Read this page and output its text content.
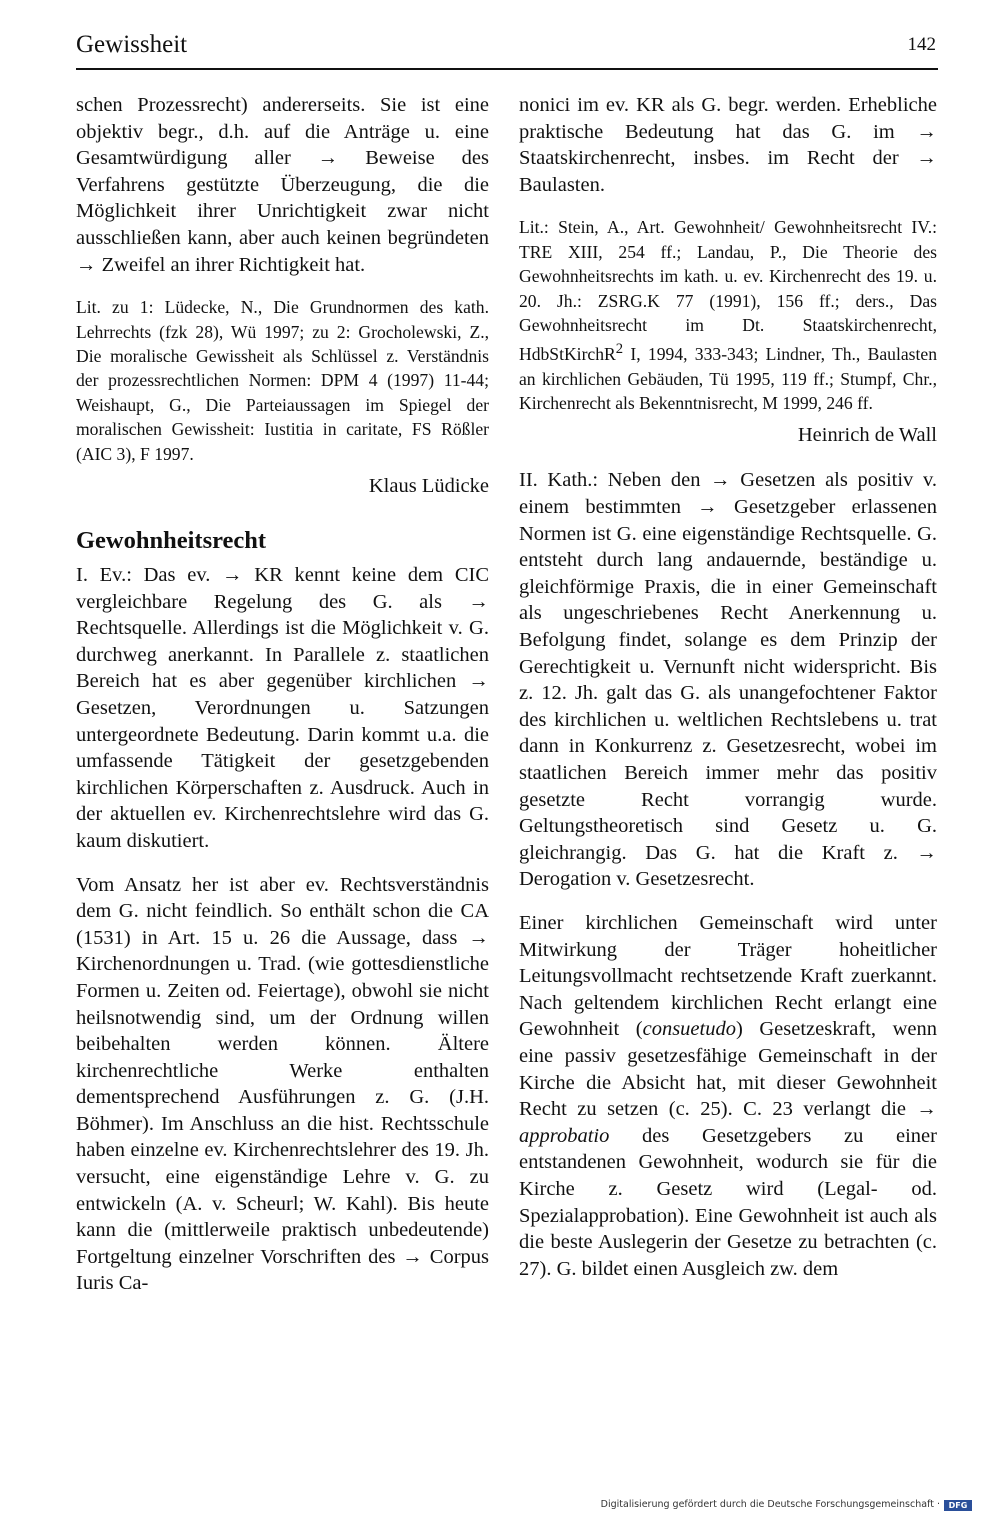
Gewissheit	142

schen Prozessrecht) andererseits. Sie ist eine objektiv begr., d.h. auf die Anträge u. eine Gesamtwürdigung aller → Beweise des Verfahrens gestützte Überzeugung, die die Möglichkeit ihrer Unrichtigkeit zwar nicht ausschließen kann, aber auch keinen begründeten → Zweifel an ihrer Richtigkeit hat.

Lit. zu 1: Lüdecke, N., Die Grundnormen des kath. Lehrrechts (fzk 28), Wü 1997; zu 2: Grocholewski, Z., Die moralische Gewissheit als Schlüssel z. Verständnis der prozessrechtlichen Normen: DPM 4 (1997) 11-44; Weishaupt, G., Die Parteiaussagen im Spiegel der moralischen Gewissheit: Iustitia in caritate, FS Rößler (AIC 3), F 1997.

Klaus Lüdicke

Gewohnheitsrecht

I. Ev.: Das ev. → KR kennt keine dem CIC vergleichbare Regelung des G. als → Rechtsquelle. Allerdings ist die Möglichkeit v. G. durchweg anerkannt. In Parallele z. staatlichen Bereich hat es aber gegenüber kirchlichen → Gesetzen, Verordnungen u. Satzungen untergeordnete Bedeutung. Darin kommt u.a. die umfassende Tätigkeit der gesetzgebenden kirchlichen Körperschaften z. Ausdruck. Auch in der aktuellen ev. Kirchenrechtslehre wird das G. kaum diskutiert.

Vom Ansatz her ist aber ev. Rechtsverständnis dem G. nicht feindlich. So enthält schon die CA (1531) in Art. 15 u. 26 die Aussage, dass → Kirchenordnungen u. Trad. (wie gottesdienstliche Formen u. Zeiten od. Feiertage), obwohl sie nicht heilsnotwendig sind, um der Ordnung willen beibehalten werden können. Ältere kirchenrechtliche Werke enthalten dementsprechend Ausführungen z. G. (J.H. Böhmer). Im Anschluss an die hist. Rechtsschule haben einzelne ev. Kirchenrechtslehrer des 19. Jh. versucht, eine eigenständige Lehre v. G. zu entwickeln (A. v. Scheurl; W. Kahl). Bis heute kann die (mittlerweile praktisch unbedeutende) Fortgeltung einzelner Vorschriften des → Corpus Iuris Ca-

nonici im ev. KR als G. begr. werden. Erhebliche praktische Bedeutung hat das G. im → Staatskirchenrecht, insbes. im Recht der → Baulasten.

Lit.: Stein, A., Art. Gewohnheit/ Gewohnheitsrecht IV.: TRE XIII, 254 ff.; Landau, P., Die Theorie des Gewohnheitsrechts im kath. u. ev. Kirchenrecht des 19. u. 20. Jh.: ZSRG.K 77 (1991), 156 ff.; ders., Das Gewohnheitsrecht im Dt. Staatskirchenrecht, HdbStKirchR$^2$ I, 1994, 333-343; Lindner, Th., Baulasten an kirchlichen Gebäuden, Tü 1995, 119 ff.; Stumpf, Chr., Kirchenrecht als Bekenntnisrecht, M 1999, 246 ff.

Heinrich de Wall

II. Kath.: Neben den → Gesetzen als positiv v. einem bestimmten → Gesetzgeber erlassenen Normen ist G. eine eigenständige Rechtsquelle. G. entsteht durch lang andauernde, beständige u. gleichförmige Praxis, die in einer Gemeinschaft als ungeschriebenes Recht Anerkennung u. Befolgung findet, solange es dem Prinzip der Gerechtigkeit u. Vernunft nicht widerspricht. Bis z. 12. Jh. galt das G. als unangefochtener Faktor des kirchlichen u. weltlichen Rechtslebens u. trat dann in Konkurrenz z. Gesetzesrecht, wobei im staatlichen Bereich immer mehr das positiv gesetzte Recht vorrangig wurde. Geltungstheoretisch sind Gesetz u. G. gleichrangig. Das G. hat die Kraft z. → Derogation v. Gesetzesrecht.

Einer kirchlichen Gemeinschaft wird unter Mitwirkung der Träger hoheitlicher Leitungsvollmacht rechtsetzende Kraft zuerkannt. Nach geltendem kirchlichen Recht erlangt eine Gewohnheit (consuetudo) Gesetzeskraft, wenn eine passiv gesetzesfähige Gemeinschaft in der Kirche die Absicht hat, mit dieser Gewohnheit Recht zu setzen (c. 25). C. 23 verlangt die → approbatio des Gesetzgebers zu einer entstandenen Gewohnheit, wodurch sie für die Kirche z. Gesetz wird (Legal- od. Spezialapprobation). Eine Gewohnheit ist auch als die beste Auslegerin der Gesetze zu betrachten (c. 27). G. bildet einen Ausgleich zw. dem

Digitalisierung gefördert durch die Deutsche Forschungsgemeinschaft ·	DFG
